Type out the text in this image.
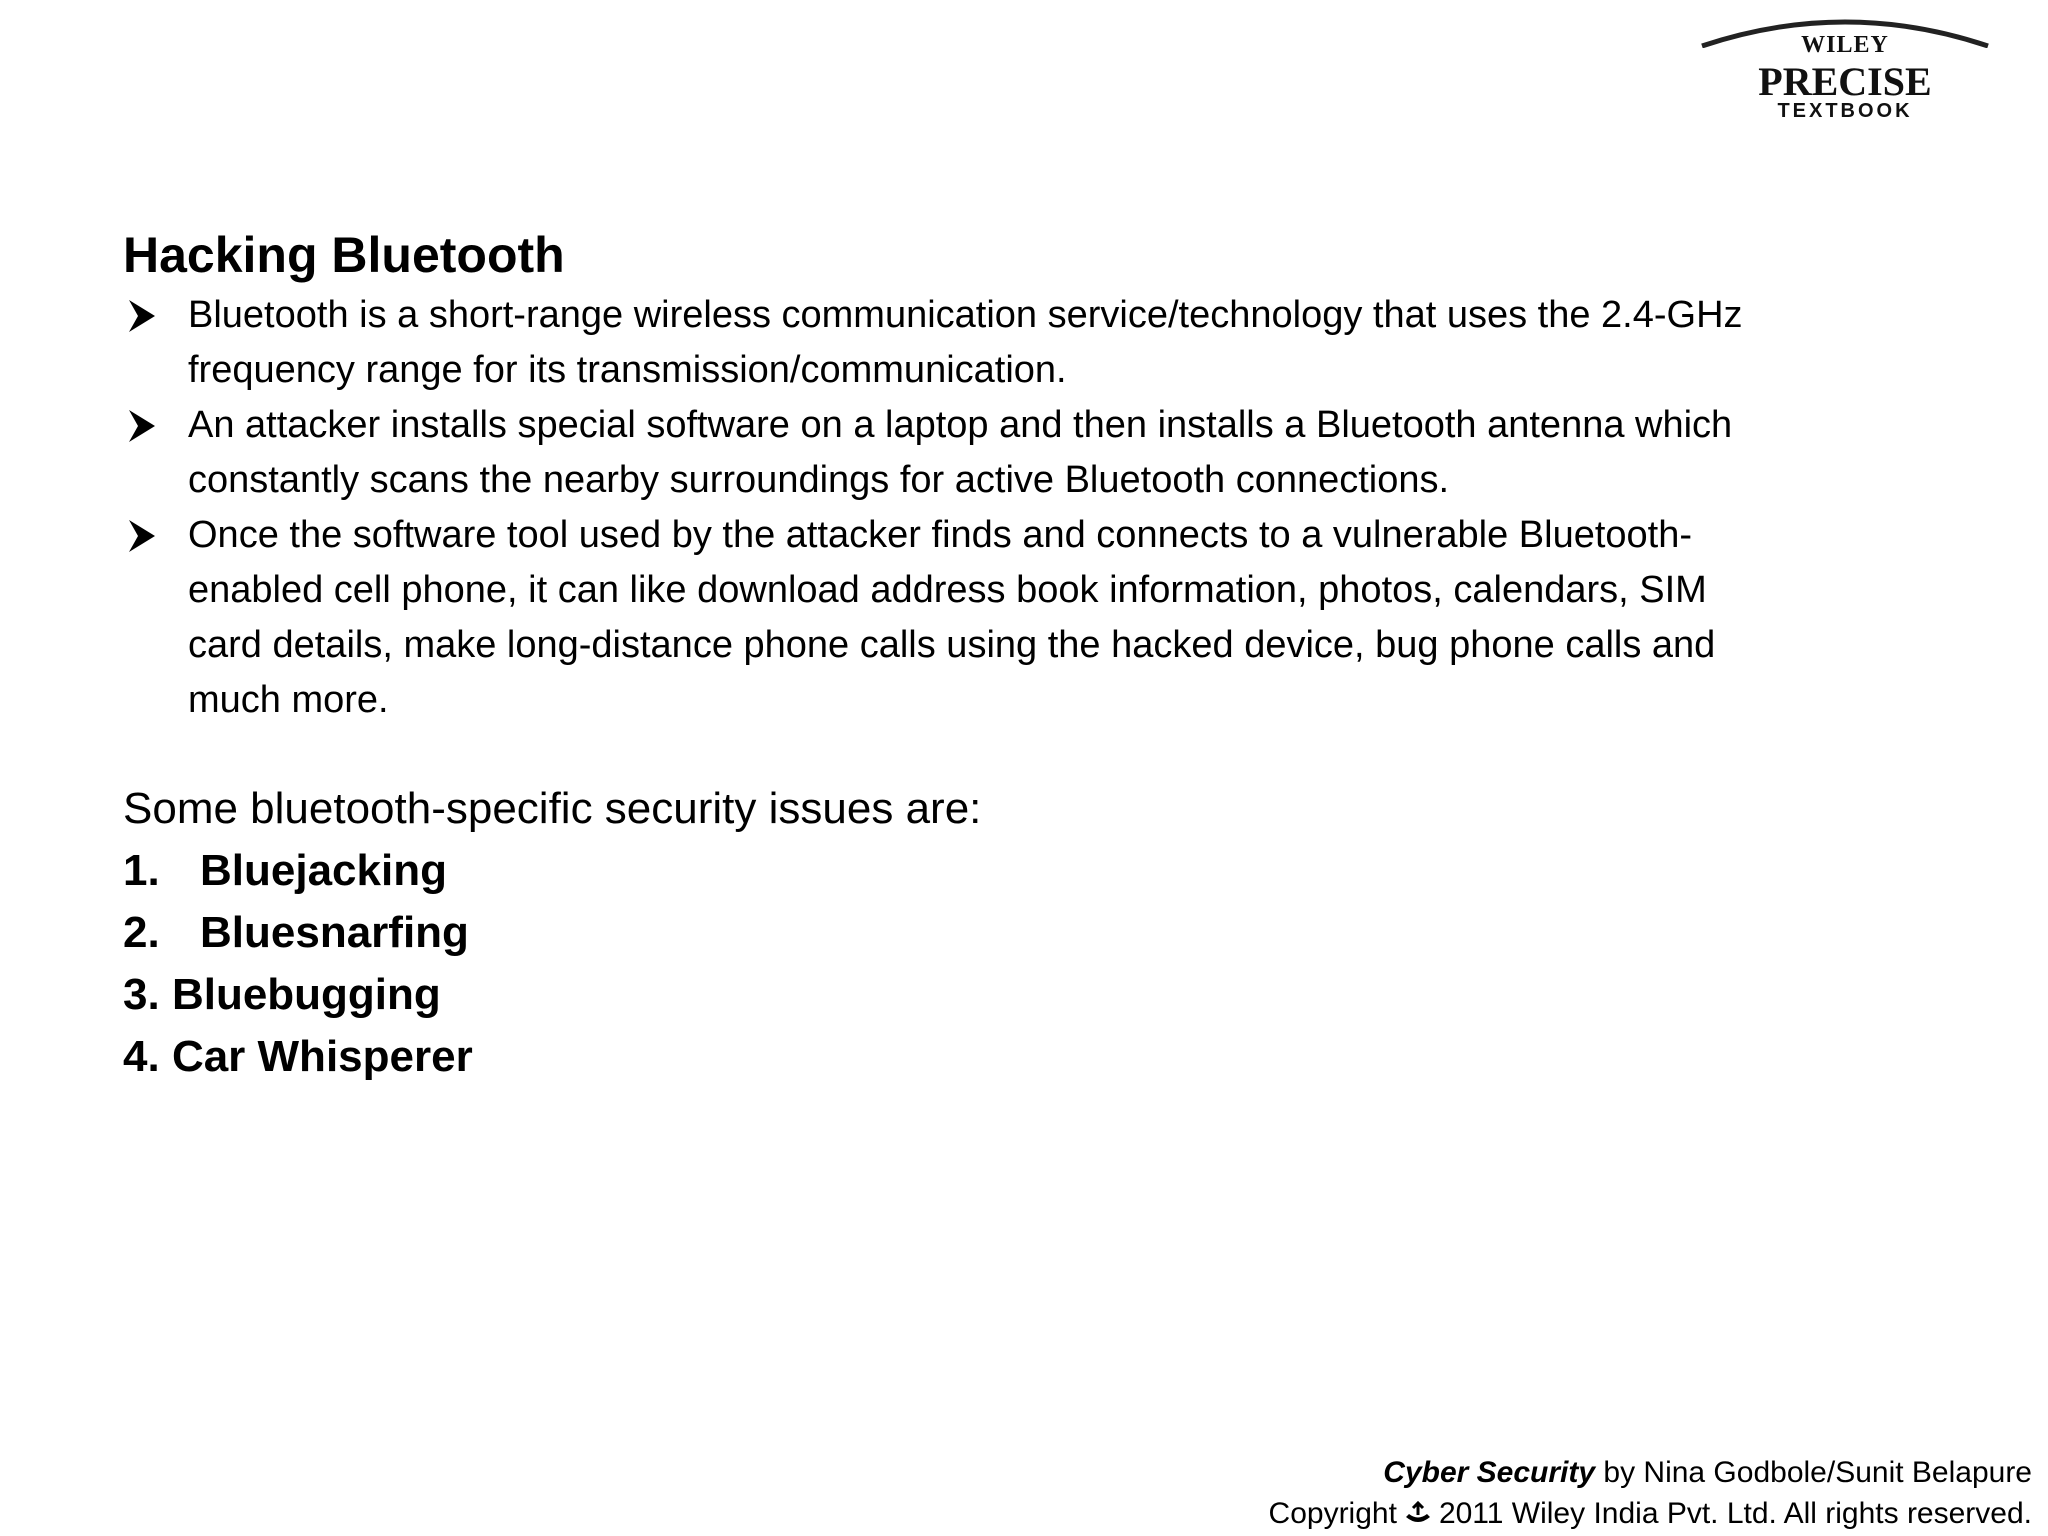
WILEY
PRECISE
TEXTBOOK
Hacking Bluetooth
Bluetooth is a short-range wireless communication service/technology that uses the 2.4-GHz
frequency range for its transmission/communication.
An attacker installs special software on a laptop and then installs a Bluetooth antenna which
constantly scans the nearby surroundings for active Bluetooth connections.
Once the software tool used by the attacker finds and connects to a vulnerable Bluetooth-
enabled cell phone, it can like download address book information, photos, calendars, SIM
card details, make long-distance phone calls using the hacked device, bug phone calls and
much more.
Some bluetooth-specific security issues are:
1. Bluejacking
2. Bluesnarfing
3. Bluebugging
4. Car Whisperer
Cyber Security by Nina Godbole/Sunit Belapure
Copyright 2011 Wiley India Pvt. Ltd. All rights reserved.
